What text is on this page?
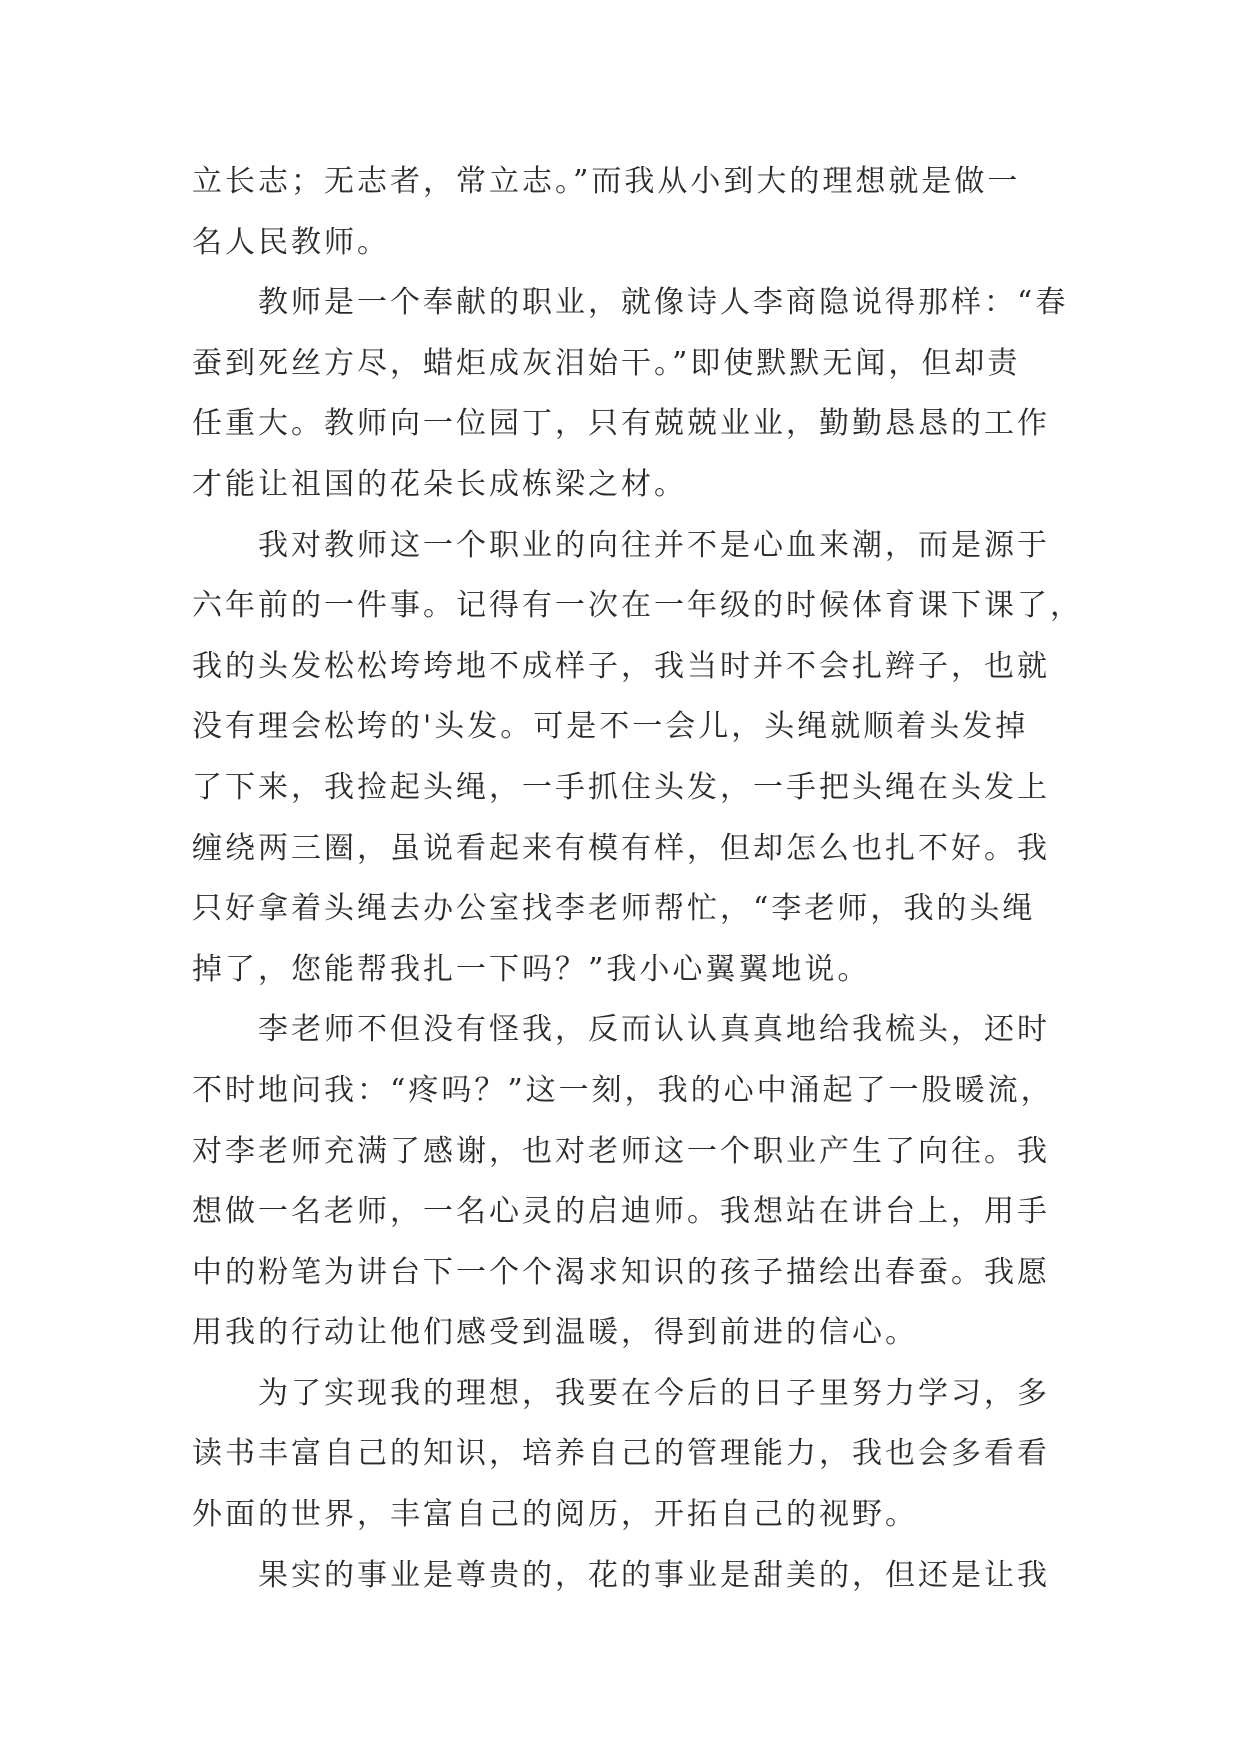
立长志；无志者，常立志。”而我从小到大的理想就是做一
名人民教师。
教师是一个奉献的职业，就像诗人李商隐说得那样：“春
蚕到死丝方尽，蜡炬成灰泪始干。”即使默默无闻，但却责
任重大。教师向一位园丁，只有兢兢业业，勤勤恳恳的工作
才能让祖国的花朵长成栋梁之材。
我对教师这一个职业的向往并不是心血来潮，而是源于
六年前的一件事。记得有一次在一年级的时候体育课下课了，
我的头发松松垮垮地不成样子，我当时并不会扎辫子，也就
没有理会松垮的'头发。可是不一会儿，头绳就顺着头发掉
了下来，我捡起头绳，一手抓住头发，一手把头绳在头发上
缠绕两三圈，虽说看起来有模有样，但却怎么也扎不好。我
只好拿着头绳去办公室找李老师帮忙，“李老师，我的头绳
掉了，您能帮我扎一下吗？”我小心翼翼地说。
李老师不但没有怪我，反而认认真真地给我梳头，还时
不时地问我：“疼吗？”这一刻，我的心中涌起了一股暖流，
对李老师充满了感谢，也对老师这一个职业产生了向往。我
想做一名老师，一名心灵的启迪师。我想站在讲台上，用手
中的粉笔为讲台下一个个渴求知识的孩子描绘出春蚕。我愿
用我的行动让他们感受到温暖，得到前进的信心。
为了实现我的理想，我要在今后的日子里努力学习，多
读书丰富自己的知识，培养自己的管理能力，我也会多看看
外面的世界，丰富自己的阅历，开拓自己的视野。
果实的事业是尊贵的，花的事业是甜美的，但还是让我
